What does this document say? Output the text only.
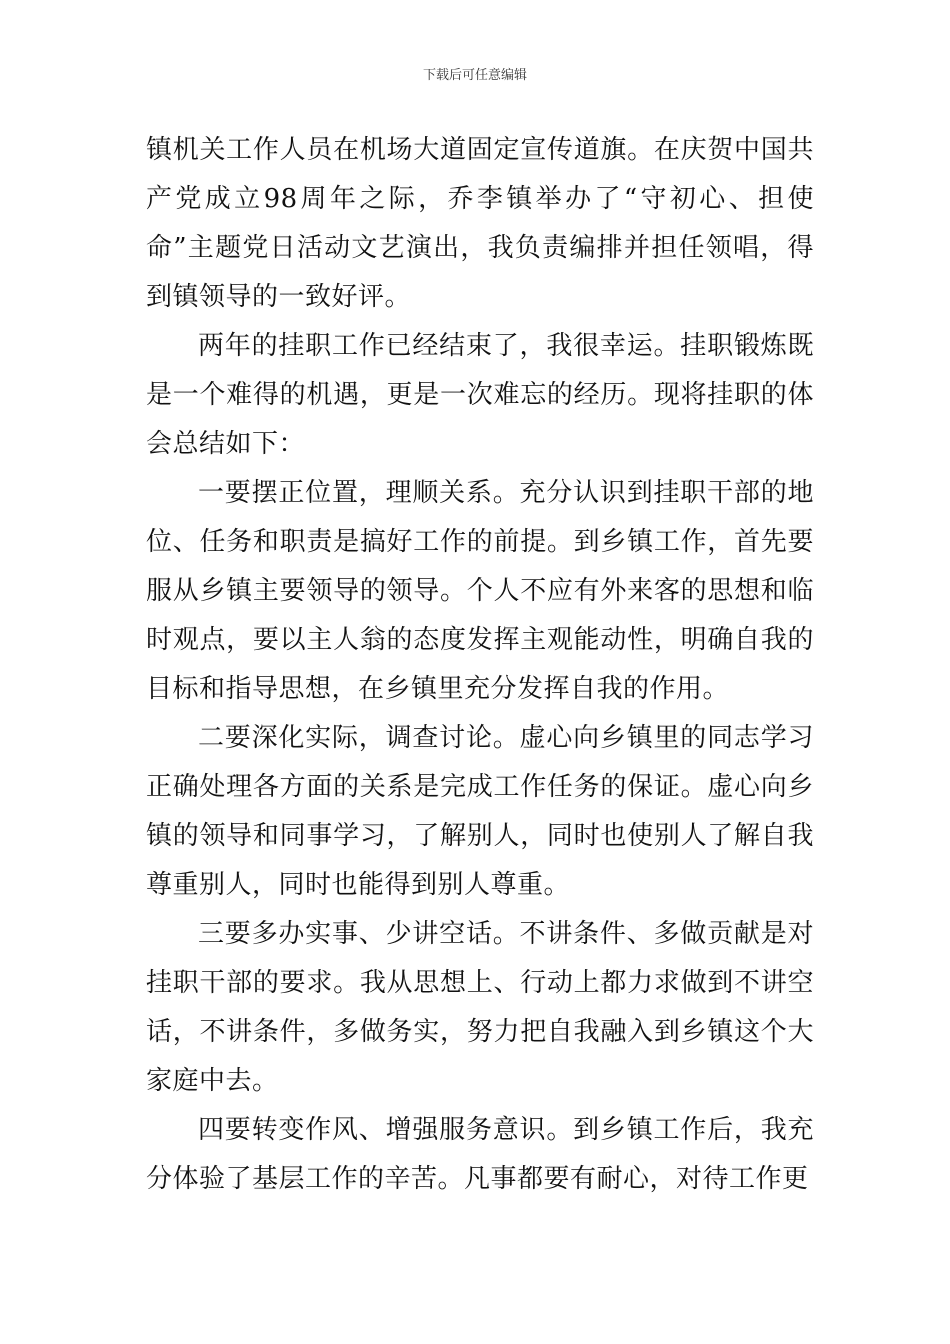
下载后可任意编辑

镇机关工作人员在机场大道固定宣传道旗。在庆贺中国共产党成立98周年之际，乔李镇举办了“守初心、担使命”主题党日活动文艺演出，我负责编排并担任领唱，得到镇领导的一致好评。

两年的挂职工作已经结束了，我很幸运。挂职锻炼既是一个难得的机遇，更是一次难忘的经历。现将挂职的体会总结如下：

一要摆正位置，理顺关系。充分认识到挂职干部的地位、任务和职责是搞好工作的前提。到乡镇工作，首先要服从乡镇主要领导的领导。个人不应有外来客的思想和临时观点，要以主人翁的态度发挥主观能动性，明确自我的目标和指导思想，在乡镇里充分发挥自我的作用。

二要深化实际，调查讨论。虚心向乡镇里的同志学习正确处理各方面的关系是完成工作任务的保证。虚心向乡镇的领导和同事学习，了解别人，同时也使别人了解自我尊重别人，同时也能得到别人尊重。

三要多办实事、少讲空话。不讲条件、多做贡献是对挂职干部的要求。我从思想上、行动上都力求做到不讲空话，不讲条件，多做务实，努力把自我融入到乡镇这个大家庭中去。

四要转变作风、增强服务意识。到乡镇工作后，我充分体验了基层工作的辛苦。凡事都要有耐心，对待工作更
